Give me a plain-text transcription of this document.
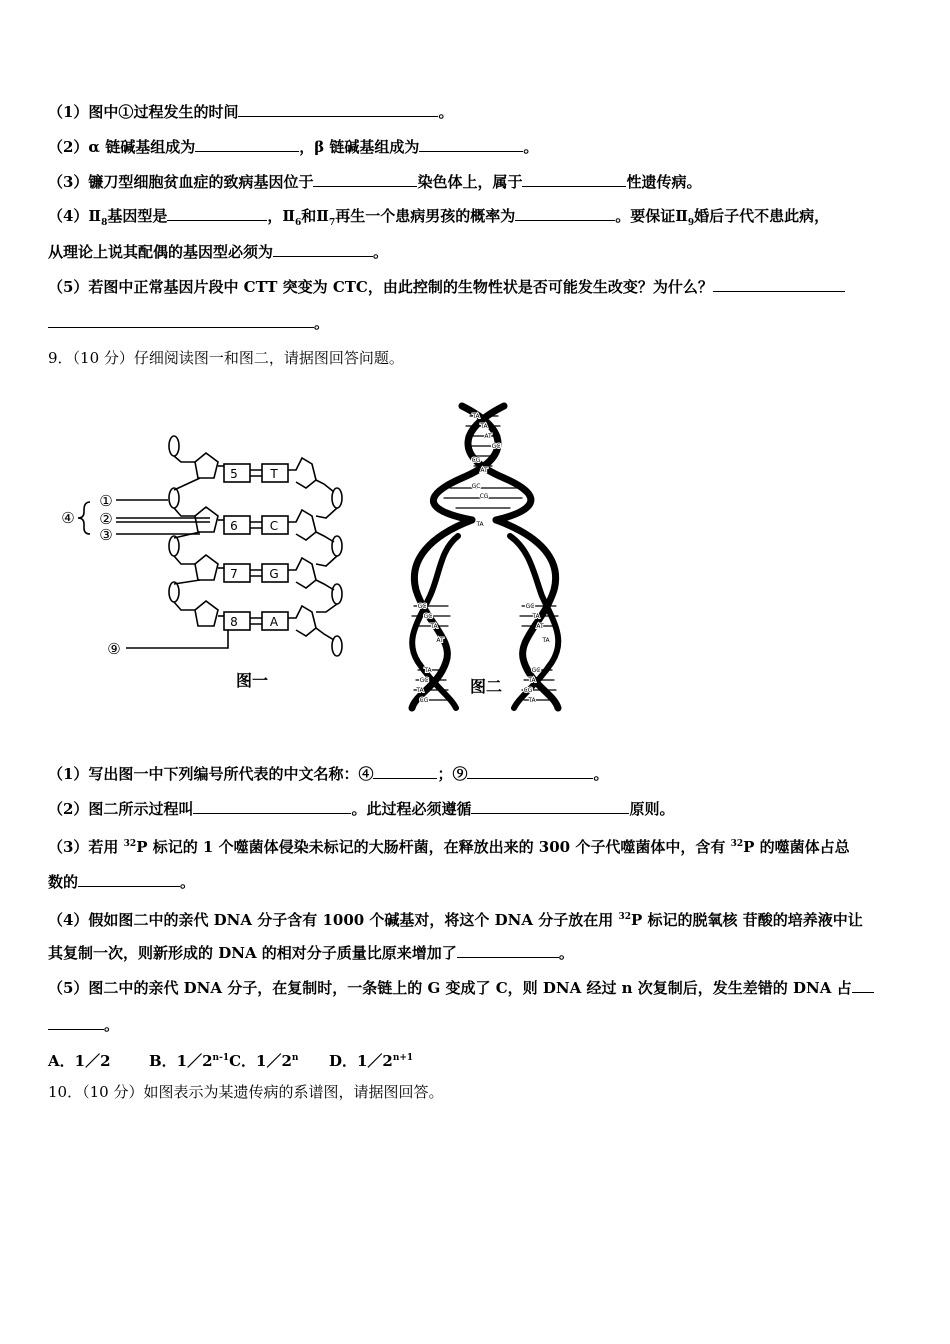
（1）图中①过程发生的时间	。
（2）α 链碱基组成为	，β 链碱基组成为	。
（3）镰刀型细胞贫血症的致病基因位于	染色体上，属于	性遗传病。
$(4)Ⅱ_8$基因型是	，$Ⅱ_6$和$Ⅱ_7$再生一个患病男孩的概率为	。要保证$Ⅱ_9$婚后子代不患此病，
从理论上说其配偶的基因型必须为	。
（5）若图中正常基因片段中 CTT 突变为 CTC，由此控制的生物性状是否可能发生改变？为什么？
。
9．（10 分）仔细阅读图一和图二，请据图回答问题。
5	T
6	C
7	G
8	A
④
①
②
③
⑨
图一
TA
TA
AT
GC
CG
AT
GC
CG
TA
GC
GC
TA
AT
TA
GC
TA
CG
GC
TA
AT
TA
GC
TA
CG
TA
图二
（1）写出图一中下列编号所代表的中文名称：④	；⑨	。
（2）图二所示过程叫	。此过程必须遵循	原则。
（3）若用 $^{32}$P 标记的 1 个噬菌体侵染未标记的大肠杆菌，在释放出来的 300 个子代噬菌体中，含有 $^{32}$P 的噬菌体占总
数的	。
（4）假如图二中的亲代 DNA 分子含有 1000 个碱基对，将这个 DNA 分子放在用 $^{32}$P 标记的脱氧核 苷酸的培养液中让
其复制一次，则新形成的 DNA 的相对分子质量比原来增加了	。
（5）图二中的亲代 DNA 分子，在复制时，一条链上的 G 变成了 C，则 DNA 经过 n 次复制后，发生差错的 DNA 占
。
A．1／2	B．1／2$^{n-1}$C．1／2$^n$ D．$1/2^{n+1}$
10．（10 分）如图表示为某遗传病的系谱图，请据图回答。
